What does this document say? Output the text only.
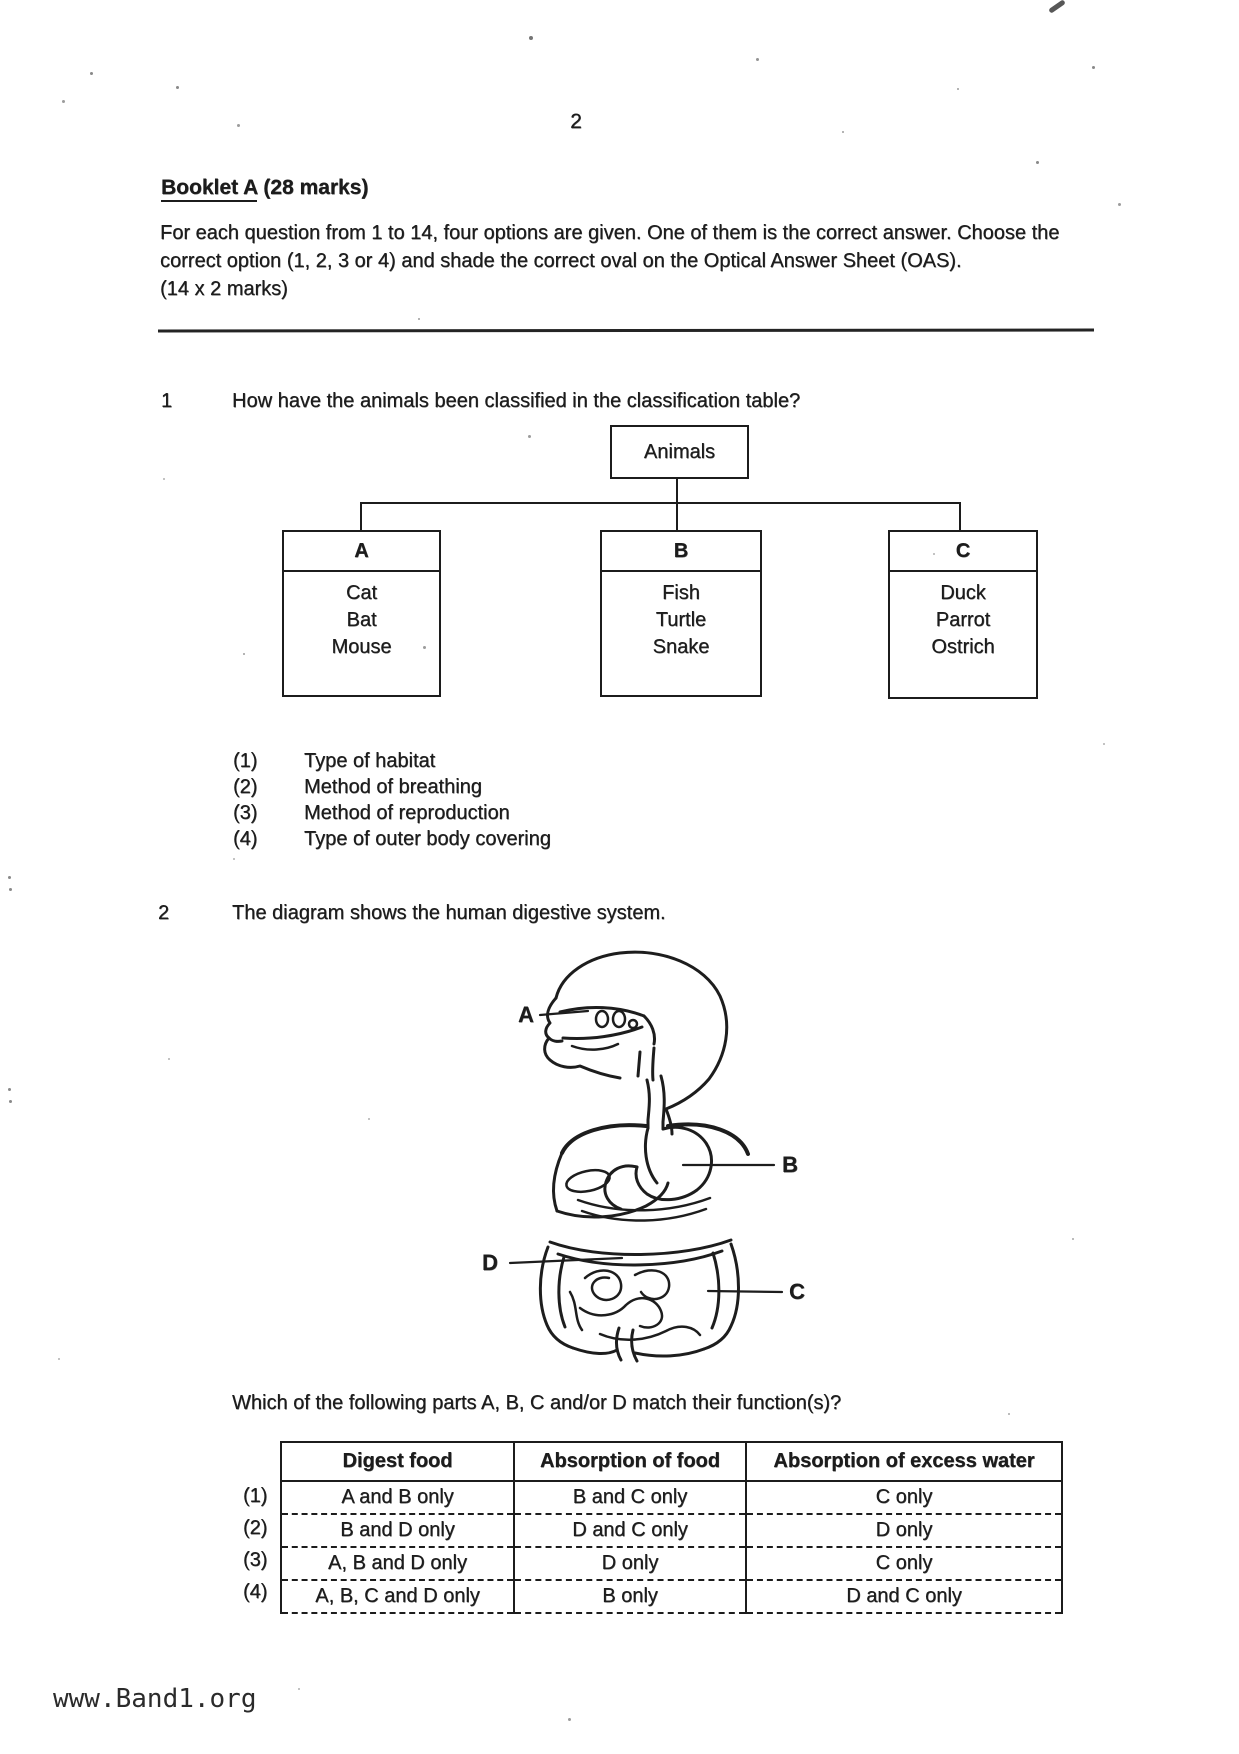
2
Booklet A (28 marks)
For each question from 1 to 14, four options are given. One of them is the correct answer. Choose the correct option (1, 2, 3 or 4) and shade the correct oval on the Optical Answer Sheet (OAS).
(14 x 2 marks)
1	How have the animals been classified in the classification table?
Animals
A
Cat
Bat
Mouse
B
Fish
Turtle
Snake
C
Duck
Parrot
Ostrich
(1) Type of habitat
(2) Method of breathing
(3) Method of reproduction
(4) Type of outer body covering
2	The diagram shows the human digestive system.
A
B
D
C
Which of the following parts A, B, C and/or D match their function(s)?
Digest food	Absorption of food	Absorption of excess water
A and B only	B and C only	C only
B and D only	D and C only	D only
A, B and D only	D only	C only
A, B, C and D only	B only	D and C only
(1)
(2)
(3)
(4)
www.Band1.org
